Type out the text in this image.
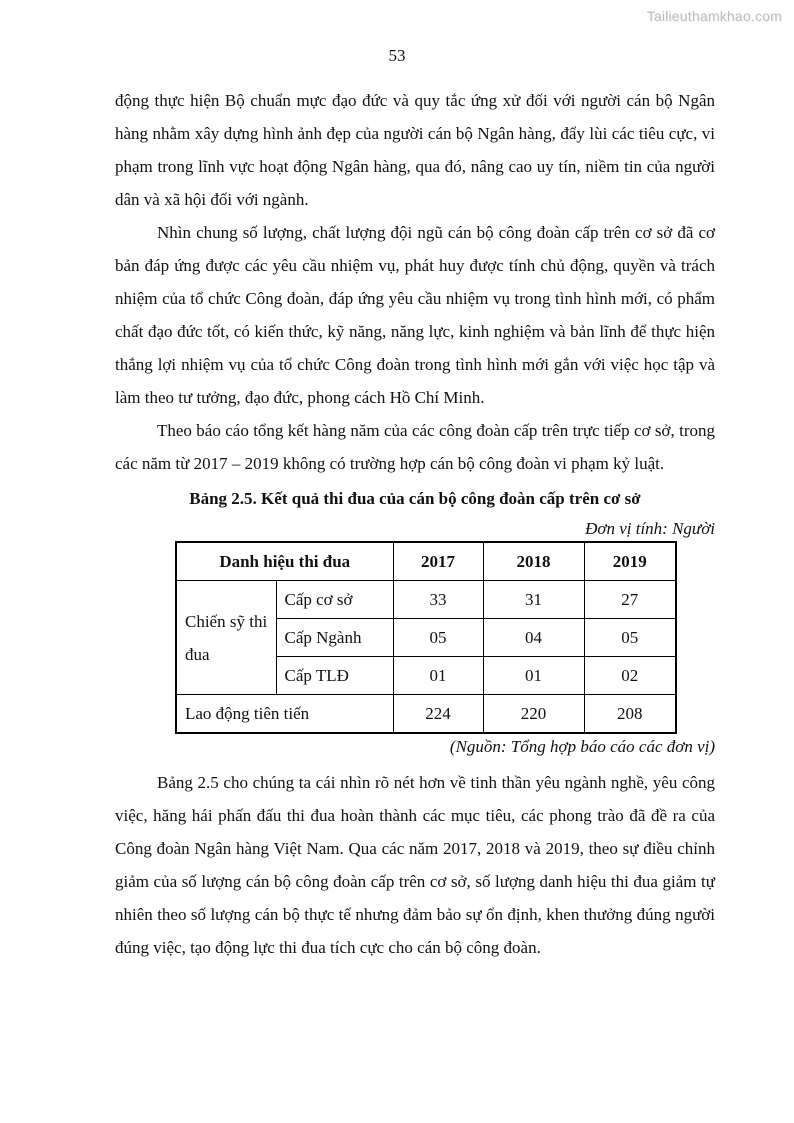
Tailieuthamkhao.com
53

động thực hiện Bộ chuẩn mực đạo đức và quy tắc ứng xử đối với người cán bộ Ngân hàng nhằm xây dựng hình ảnh đẹp của người cán bộ Ngân hàng, đẩy lùi các tiêu cực, vi phạm trong lĩnh vực hoạt động Ngân hàng, qua đó, nâng cao uy tín, niềm tin của người dân và xã hội đối với ngành.

Nhìn chung số lượng, chất lượng đội ngũ cán bộ công đoàn cấp trên cơ sở đã cơ bản đáp ứng được các yêu cầu nhiệm vụ, phát huy được tính chủ động, quyền và trách nhiệm của tổ chức Công đoàn, đáp ứng yêu cầu nhiệm vụ trong tình hình mới, có phẩm chất đạo đức tốt, có kiến thức, kỹ năng, năng lực, kinh nghiệm và bản lĩnh để thực hiện thắng lợi nhiệm vụ của tổ chức Công đoàn trong tình hình mới gắn với việc học tập và làm theo tư tưởng, đạo đức, phong cách Hồ Chí Minh.

Theo báo cáo tổng kết hàng năm của các công đoàn cấp trên trực tiếp cơ sở, trong các năm từ 2017 – 2019 không có trường hợp cán bộ công đoàn vi phạm kỷ luật.

Bảng 2.5. Kết quả thi đua của cán bộ công đoàn cấp trên cơ sở
Đơn vị tính: Người
Danh hiệu thi đua		2017	2018	2019
Chiến sỹ thi đua	Cấp cơ sở	33	31	27
	Cấp Ngành	05	04	05
	Cấp TLĐ	01	01	02
Lao động tiên tiến		224	220	208
(Nguồn: Tổng hợp báo cáo các đơn vị)

Bảng 2.5 cho chúng ta cái nhìn rõ nét hơn về tinh thần yêu ngành nghề, yêu công việc, hăng hái phấn đấu thi đua hoàn thành các mục tiêu, các phong trào đã đề ra của Công đoàn Ngân hàng Việt Nam. Qua các năm 2017, 2018 và 2019, theo sự điều chỉnh giảm của số lượng cán bộ công đoàn cấp trên cơ sở, số lượng danh hiệu thi đua giảm tự nhiên theo số lượng cán bộ thực tế nhưng đảm bảo sự ổn định, khen thưởng đúng người đúng việc, tạo động lực thi đua tích cực cho cán bộ công đoàn.
